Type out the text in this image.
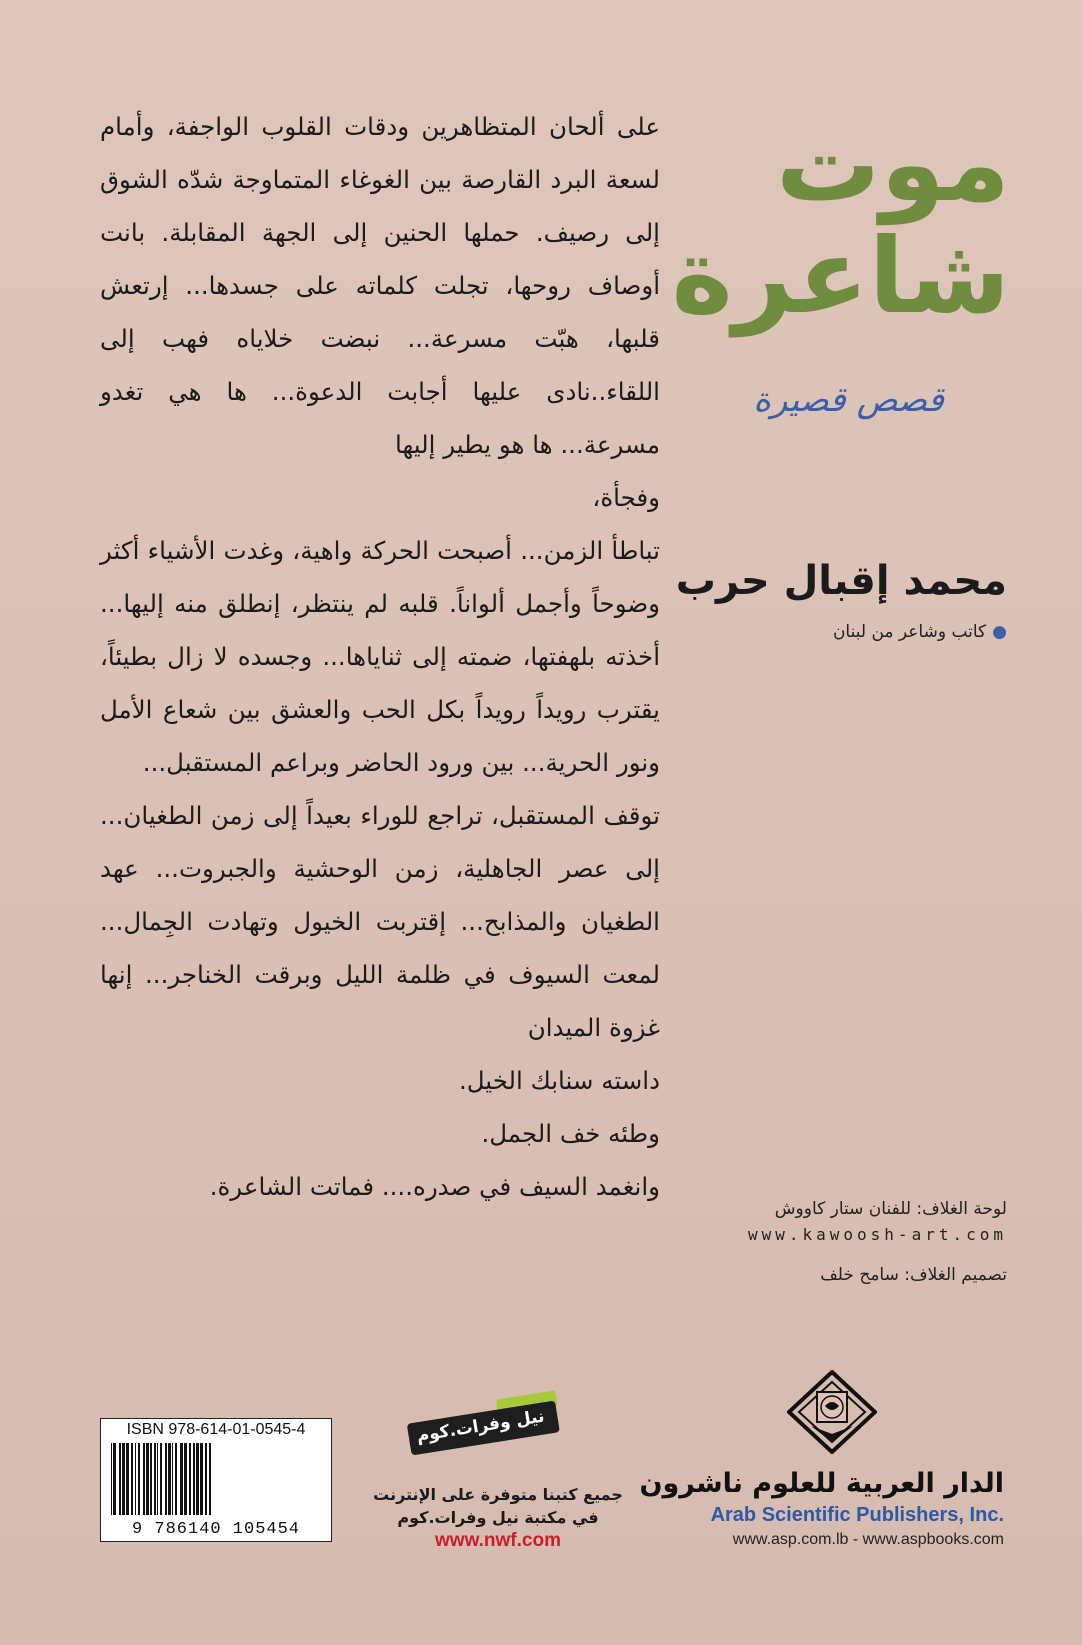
على ألحان المتظاهرين ودقات القلوب الواجفة، وأمام لسعة البرد القارصة بين الغوغاء المتماوجة شدّه الشوق إلى رصيف. حملها الحنين إلى الجهة المقابلة. بانت أوصاف روحها، تجلت كلماته على جسدها... إرتعش قلبها، هبّت مسرعة... نبضت خلاياه فهب إلى اللقاء..نادى عليها أجابت الدعوة... ها هي تغدو مسرعة... ها هو يطير إليها

وفجأة،

تباطأ الزمن... أصبحت الحركة واهية، وغدت الأشياء أكثر وضوحاً وأجمل ألواناً. قلبه لم ينتظر، إنطلق منه إليها... أخذته بلهفتها، ضمته إلى ثناياها... وجسده لا زال بطيئاً، يقترب رويداً رويداً بكل الحب والعشق بين شعاع الأمل ونور الحرية... بين ورود الحاضر وبراعم المستقبل...

توقف المستقبل، تراجع للوراء بعيداً إلى زمن الطغيان... إلى عصر الجاهلية، زمن الوحشية والجبروت... عهد الطغيان والمذابح... إقتربت الخيول وتهادت الجِمال... لمعت السيوف في ظلمة الليل وبرقت الخناجر... إنها غزوة الميدان

داسته سنابك الخيل.

وطئه خف الجمل.

وانغمد السيف في صدره.... فماتت الشاعرة.

موت
شاعرة
قصص قصيرة
محمد إقبال حرب
●كاتب وشاعر من لبنان
لوحة الغلاف: للفنان ستار كاووش
www.kawoosh-art.com
تصميم الغلاف: سامح خلف
ISBN 978-614-01-0545-4
9 786140 105454
نيل وفرات.كوم
جميع كتبنا متوفرة على الإنترنت
في مكتبة نيل وفرات.كوم
www.nwf.com
الدار العربية للعلوم ناشرون
Arab Scientific Publishers, Inc.
www.asp.com.lb - www.aspbooks.com
